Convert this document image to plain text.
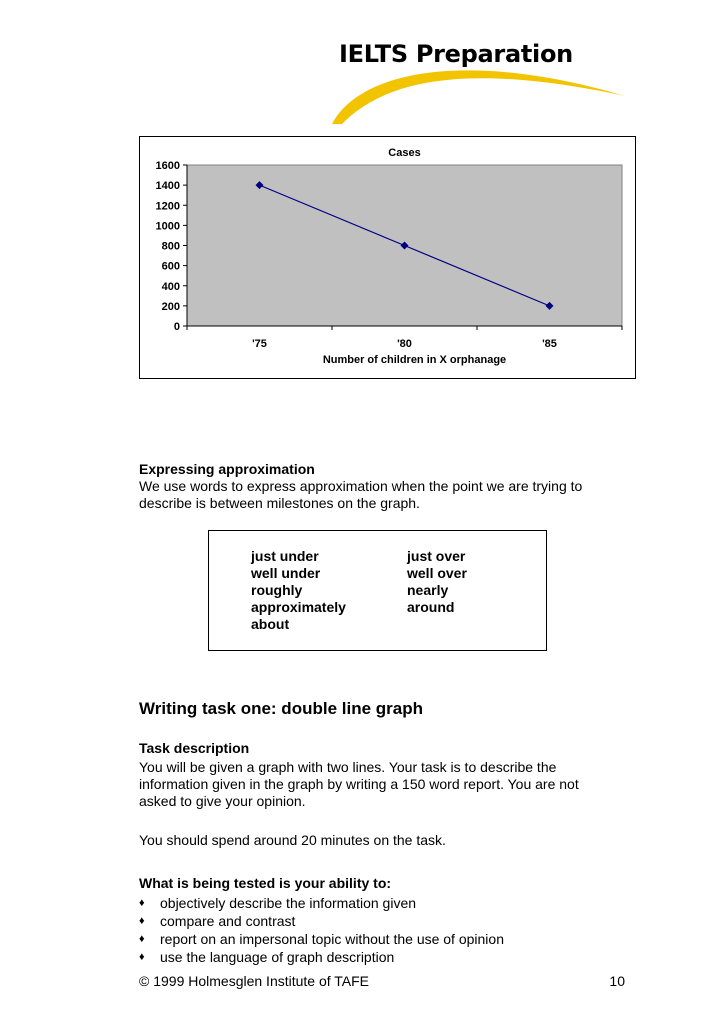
IELTS Preparation
Cases
0
200
400
600
800
1000
1200
1400
1600
'75	'80	'85
Number of children in X orphanage
Expressing approximation
We use words to express approximation when the point we are trying to
describe is between milestones on the graph.
just under
well under
roughly
approximately
about
just over
well over
nearly
around
Writing task one: double line graph
Task description
You will be given a graph with two lines. Your task is to describe the
information given in the graph by writing a 150 word report. You are not
asked to give your opinion.
You should spend around 20 minutes on the task.
What is being tested is your ability to:
♦ objectively describe the information given
♦ compare and contrast
♦ report on an impersonal topic without the use of opinion
♦ use the language of graph description
© 1999 Holmesglen Institute of TAFE	10
